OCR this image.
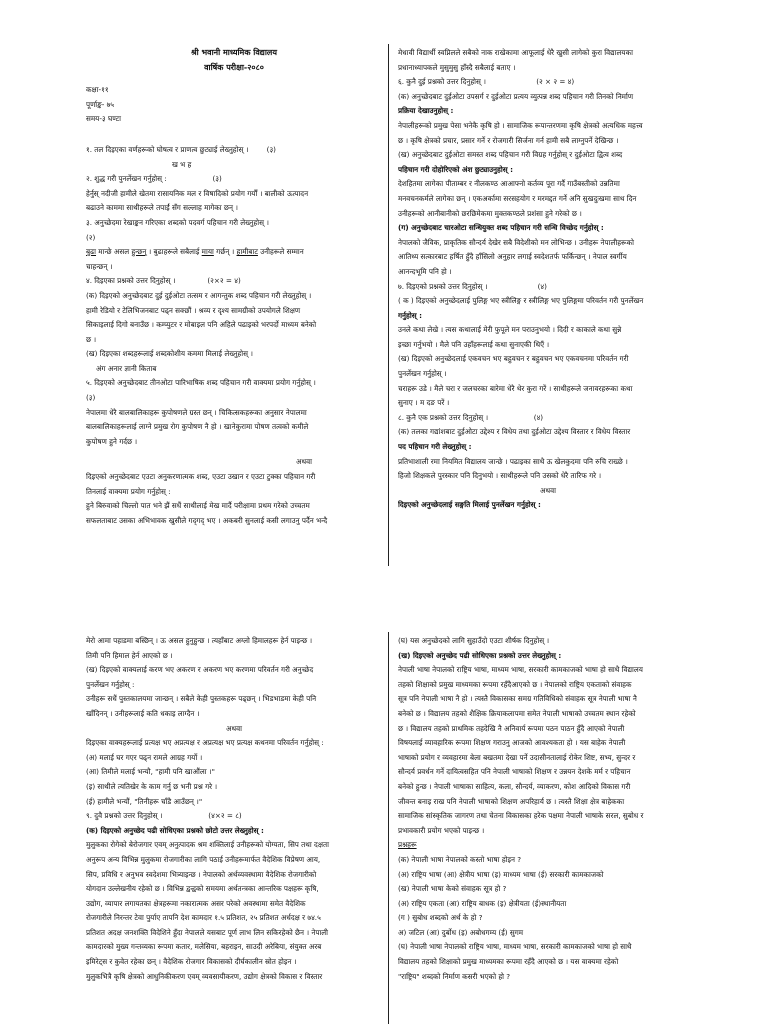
श्री भवानी माध्यमिक विद्यालय

वार्षिक परीक्षा-२०८०

कक्षा-११

पूर्णाङ्क- ७५

समय-३ घण्टा

१. तल दिइएका वर्णहरूको घोषत्व र प्राणत्व छुट्याई लेख्नुहोस् ।	(३)

ख भ ह

२. शुद्ध गरी पुनर्लेखन गर्नुहोस् :	(३)

हेर्नुस् नदीजी हामीले खेतमा रासायनिक मल र विषादिको प्रयोग गर्यौं । बालीको ऊत्पादन

बढाउने काममा साथीहरूले तपाईं सँग सल्लाह मागेका छन् ।

३. अनुच्छेदमा रेखाङ्कन गरिएका शब्दको पदवर्ग पहिचान गरी लेख्नुहोस् ।

(२)

बुढा मान्छे असल हुन्छन् । बुढाहरूले सबैलाई माया गर्छन् । हामीबाट उनीहरूले सम्मान

चाहन्छन् ।

४. दिइएका प्रश्नको उत्तर दिनुहोस् ।	(२×२ = ४)

(क) दिइएको अनुच्छेदबाट दुई दुईओटा तत्सम र आगन्तुक शब्द पहिचान गरी लेख्नुहोस् ।

हामी रेडियो र टेलिभिजनबाट पढ्न सक्छौं । श्रव्य र दृश्य सामग्रीको उपयोगले शिक्षण

सिकाइलाई दिगो बनाउँछ । कम्प्युटर र मोबाइल पनि अहिले पढाइको भरपर्दो माध्यम बनेको

छ ।

(ख) दिइएका शब्दहरूलाई शब्दकोशीय कममा मिलाई लेख्नुहोस् ।

अंग अनार ज्ञानी किताब

५. दिइएको अनुच्छेदबाट तीनओटा पारिभाषिक शब्द पहिचान गरी वाक्यमा प्रयोग गर्नुहोस् ।

(३)

नेपालमा धेरै बालबालिकाहरू कुपोषणले ग्रस्त छन् । चिकित्सकहरूका अनुसार नेपालमा

बालबालिकाहरूलाई लाग्ने प्रमुख रोग कुपोषण नै हो । खानेकुरामा पोषण तत्वको कमीले

कुपोषण हुने गर्दछ ।

अथवा

दिइएको अनुच्छेदबाट एउटा अनुकरणात्मक शब्द, एउटा उखान र एउटा टुक्का पहिचान गरी

तिनलाई वाक्यमा प्रयोग गर्नुहोस् :

हुने बिरुवाको चिल्लो पात भने झैं सधैं साथीलाई मेख मार्दै परीक्षामा प्रथम गरेको उच्चतम

सफलताबाट उसका अभिभावक खुसीले गद्‌गद् भए । अकबरी सुनलाई कसी लगाउनु पर्दैन भन्दै

मेधावी विद्यार्थी स्वप्निलले सबैको नाक राखेकामा आफूलाई धेरै खुसी लागेको कुरा विद्यालयका

प्रधानाध्यापकले मुसुमुसु हाँस्दै सबैलाई बताए ।

६. कुनै दुई प्रश्नको उत्तर दिनुहोस् ।	(२ × २ = ४)

(क) अनुच्छेदबाट दुईओटा उपसर्ग र दुईओटा प्रत्यय व्युत्पन्न शब्द पहिचान गरी तिनको निर्माण

प्रक्रिया देखाउनुहोस् :

नेपालीहरूको प्रमुख पेसा भनेकै कृषि हो । सामाजिक रूपान्तरणमा कृषि क्षेत्रको अत्यधिक महत्त्व

छ । कृषि क्षेत्रको प्रचार, प्रसार गर्ने र रोजगारी सिर्जना गर्न हामी सबै लाग्नुपर्ने देखिन्छ ।

(ख) अनुच्छेदबाट दुईओटा समस्त शब्द पहिचान गरी विग्रह गर्नुहोस् र दुईओटा द्वित्व शब्द

पहिचान गरी दोहोरिएको अंश छुट्याउनुहोस् :

देशहितमा लागेका पीताम्बर र नीलकण्ठ आआफ्नो कर्तव्य पूरा गर्दै गाउँबस्तीको उन्नतिमा

मनवचनकर्मले लागेका छन् । एकअर्कामा सरसहयोग र मरमद्दत गर्ने अनि सुखदुःखमा साथ दिन

उनीहरूको आनीबानीको छरछिमेकमा मुक्तकण्ठले प्रशंसा हुने गरेको छ ।

(ग) अनुच्छेदबाट चारओटा सन्धियुक्त शब्द पहिचान गरी सन्धि विच्छेद गर्नुहोस् :

नेपालको जैविक, प्राकृतिक सौन्दर्य देखेर सबै विदेशीको मन लोभिन्छ । उनीहरू नेपालीहरूको

आतिथ्य सत्कारबाट हर्षित हुँदै हाँसिलो अनुहार लगाई स्वदेशतर्फ फर्किन्छन् । नेपाल स्वर्गीय

आनन्दभूमि पनि हो ।

७. दिइएको प्रश्नको उत्तर दिनुहोस् ।	(४)

( क ) दिइएको अनुच्छेदलाई पुलिङ्ग भए स्त्रीलिङ्ग र स्त्रीलिङ्ग भए पुलिङ्गमा परिवर्तन गरी पुनर्लेखन

गर्नुहोस् :

उनले कथा लेखे । त्यस कथालाई मेरी फुपूले मन पराउनुभयो । दिदी र काकाले कथा सुन्ने

इच्छा गर्नुभयो । मैले पनि उहाँहरूलाई कथा सुनाएकी थिएँ ।

(ख) दिइएको अनुच्छेदलाई एकवचन भए बहुवचन र बहुवचन भए एकवचनमा परिवर्तन गरी

पुनर्लेखन गर्नुहोस् ।

चराहरू उडे । मैले चरा र जलचरका बारेमा धेरै थेर कुरा गरें । साथीहरूले जनावरहरूका कथा

सुनाए । म दङ परें ।

८. कुनै एक प्रश्नको उत्तर दिनुहोस् ।	(४)

(क) तलका गद्यांशबाट दुईओटा उद्देश्य र विधेय तथा दुईओटा उद्देश्य विस्तार र विधेय विस्तार

पद पहिचान गरी लेख्नुहोस् :

प्रतिभाशाली रमा नियमित विद्यालय जान्छे । पढाइका साथै ऊ खेलकुदमा पनि रुचि राख्छे ।

हिजो शिक्षकले पुरस्कार पनि दिनुभयो । साथीहरूले पनि उसको धेरै तारिफ गरे ।

अथवा

दिइएको अनुच्छेदलाई सङ्गति मिलाई पुनर्लेखन गर्नुहोस् :

मेरो आमा पहाडमा बस्छिन् । ऊ असल हुनुहुन्छ । त्यहाँबाट अग्लो हिमालहरू हेर्न पाइन्छ ।

तिमी पनि हिमाल हेर्न आएको छ ।

(ख) दिइएको वाक्यलाई करण भए अकरण र अकरण भए करणमा परिवर्तन गरी अनुच्छेद

पुनर्लेखन गर्नुहोस् :

उनीहरू सधैं पुस्तकालयमा जान्छन् । सबैले केही पुस्तकहरू पढ्छन् । भिडभाडमा केही पनि

खाँदिनन् । उनीहरूलाई कति धकाइ लाग्दैन ।

अथवा

दिइएका वाक्यहरूलाई प्रत्यक्ष भए अप्रत्यक्ष र अप्रत्यक्ष भए प्रत्यक्ष कथनमा परिवर्तन गर्नुहोस् :

(अ) मलाई घर गएर पढ्न रामले आग्रह गर्यो ।

(आ) तिमीले मलाई भन्यौ, "हामी पनि खाऔंला ।"

(इ) साथीले त्यतिखेर के काम गर्नु छ भनी प्रश्न गरे ।

(ई) हामीले भन्यौं, "तिनीहरू चाँडै आउँछन् ।"

९. दुवै प्रश्नको उत्तर दिनुहोस् ।	(४×२ = ८)

(क) दिइएको अनुच्छेद पढी सोधिएका प्रश्नको छोटो उत्तर लेख्नुहोस् :

मुलुकका रोगेको बेरोजगार एवम् अनुत्पादक श्रम शक्तिलाई उनीहरूको योग्यता, सिप तथा दक्षता

अनुरूप अन्य विभिन्न मुलुकमा रोजगारीका लागि पठाई उनीहरूमार्फत वैदेशिक विप्रेषण आय,

सिप, प्रविधि र अनुभव स्वदेशमा भित्र्याइन्छ । नेपालको अर्थव्यवस्थामा वैदेशिक रोजगारीको

योगदान उल्लेखनीय रहेको छ । विभिन्न द्वन्द्वको समयमा अर्थतन्त्रका आन्तरिक पक्षहरू कृषि,

उद्योग, व्यापार लगायतका क्षेत्रहरूमा नकारात्मक असर परेको अवस्थामा समेत वैदेशिक

रोजगारीले निरन्तर टेवा पुर्याए तापनि देश कामदार १.५ प्रतिशत, २५ प्रतिशत अर्धदक्ष र ७४.५

प्रतिशत अदक्ष जनशक्ति विदेशिने हुँदा नेपालले यसबाट पूर्ण लाभ लिन सकिरहेको छैन । नेपाली

कामदारको मुख्य गन्तव्यका रूपमा कतार, मलेसिया, बहराइन, साउदी अरेबिया, संयुक्त अरब

इमिरेट्स र कुवेत रहेका छन् । वैदेशिक रोजगार विकासको दीर्घकालीन स्रोत होइन ।

मुलुकभित्रै कृषि क्षेत्रको आधुनिकीकरण एवम् व्यवसायीकरण, उद्योग क्षेत्रको विकास र विस्तार

(घ) यस अनुच्छेदको लागि सुहाउँदो एउटा शीर्षक दिनुहोस् ।

(ख) दिइएको अनुच्छेद पढी सोधिएका प्रश्नको उत्तर लेख्नुहोस् :

नेपाली भाषा नेपालको राष्ट्रिय भाषा, माध्यम भाषा, सरकारी कामकाजको भाषा हो साथै विद्यालय

तहको शिक्षाको प्रमुख माध्यमका रूपमा रहँदैआएको छ । नेपालको राष्ट्रिय एकताको संवाहक

सूत्र पनि नेपाली भाषा नै हो । त्यस्तै विकासका समग्र गतिविधिको संवाहक सूत्र नेपाली भाषा नै

बनेको छ । विद्यालय तहको शैक्षिक क्रियाकलापमा समेत नेपाली भाषाको उच्चतम स्थान रहेको

छ । विद्यालय तहको प्राथमिक तहदेखि नै अनिवार्य रूपमा पठन पाठन हुँदै आएको नेपाली

विषयलाई व्यावहारिक रूपमा शिक्षण गराउनु आजको आवश्यकता हो । यस बाहेक नेपाली

भाषाको प्रयोग र व्यवहारमा बेला बखतमा देखा पर्ने उदासीनतालाई रोकेर शिष्ट, सभ्य, सुन्दर र

सौन्दर्य प्रवर्धन गर्ने दायित्वसहित पनि नेपाली भाषाको शिक्षण र उन्नयन देशके मर्म र पहिचान

बनेको हुन्छ । नेपाली भाषाका साहित्य, कला, सौन्दर्य, व्याकरण, कोश आदिको विकास गरी

जीवन्त बनाइ राख पनि नेपाली भाषाको शिक्षण अपरिहार्य छ । त्यस्तै शिक्षा क्षेत्र बाहेकका

सामाजिक सांस्कृतिक जागरण तथा चेतना विकासका हरेक पक्षमा नेपाली भाषाके सरल, सुबोध र

प्रभावकारी प्रयोग भएको पाइन्छ ।

प्रश्नहरू

(क) नेपाली भाषा नेपालको कस्तो भाषा होइन ?

(अ) राष्ट्रिय भाषा (आ) क्षेत्रीय भाषा (इ) माध्यम भाषा (ई) सरकारी कामकाजको

(ख) नेपाली भाषा केको संवाहक सूत्र हो ?

(अ) राष्ट्रिय एकता (आ) राष्ट्रिय बाधक (इ) क्षेत्रीयता (ई)स्थानीयता

(ग ) सुबोध शब्दको अर्थ के हो ?

अ) जटिल (आ) दुर्बोध (इ) अबोधगम्य (ई) सुगम

(घ) नेपाली भाषा नेपालको राष्ट्रिय भाषा, माध्यम भाषा, सरकारी कामकाजको भाषा हो साथै

विद्यालय तहको शिक्षाको प्रमुख माध्यमका रूपमा रहँदै आएको छ । यस वाक्यमा रहेको

"राष्ट्रिय" शब्दको निर्माण कसरी भएको हो ?
